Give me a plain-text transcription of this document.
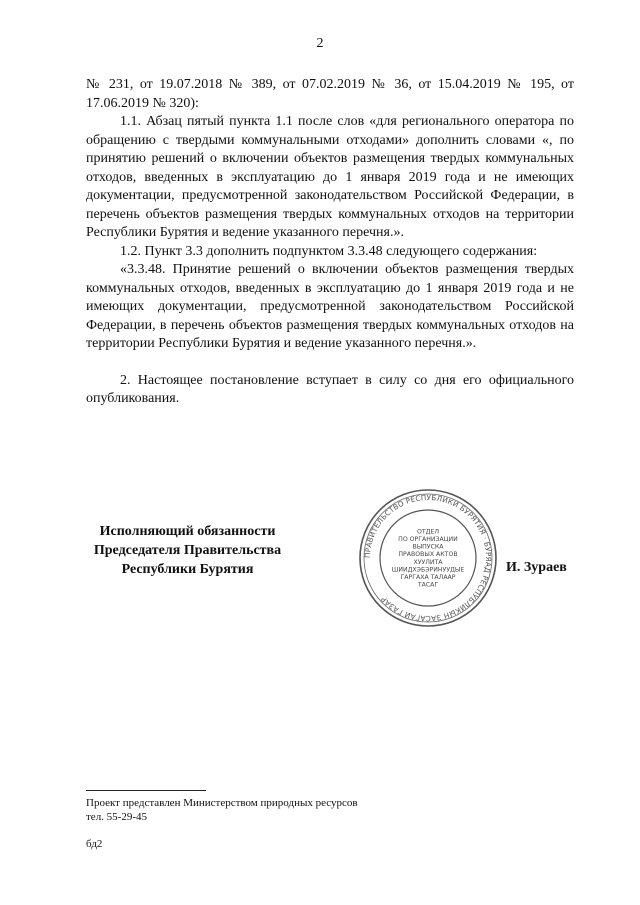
2

№ 231, от 19.07.2018 № 389, от 07.02.2019 № 36, от 15.04.2019 № 195, от 17.06.2019 № 320):

1.1. Абзац пятый пункта 1.1 после слов «для регионального оператора по обращению с твердыми коммунальными отходами» дополнить словами «, по принятию решений о включении объектов размещения твердых коммунальных отходов, введенных в эксплуатацию до 1 января 2019 года и не имеющих документации, предусмотренной законодательством Российской Федерации, в перечень объектов размещения твердых коммунальных отходов на территории Республики Бурятия и ведение указанного перечня.».

1.2. Пункт 3.3 дополнить подпунктом 3.3.48 следующего содержания:

«3.3.48. Принятие решений о включении объектов размещения твердых коммунальных отходов, введенных в эксплуатацию до 1 января 2019 года и не имеющих документации, предусмотренной законодательством Российской Федерации, в перечень объектов размещения твердых коммунальных отходов на территории Республики Бурятия и ведение указанного перечня.».

2. Настоящее постановление вступает в силу со дня его официального опубликования.

Исполняющий обязанности
Председателя Правительства
Республики Бурятия
ПРАВИТЕЛЬСТВО РЕСПУБЛИКИ БУРЯТИЯ · БУРЯАД РЕСПУБЛИКЫН ЗАСАГАЙ ГАЗАР
ОТДЕЛ
ПО ОРГАНИЗАЦИИ
ВЫПУСКА
ПРАВОВЫХ АКТОВ
ХУУЛИТА
ШИИДХЭБЭРИНУУДЫЕ
ГАРГАХА ТАЛААР
ТАСАГ
И. Зураев
Проект представлен Министерством природных ресурсов
тел. 55-29-45
бд2
